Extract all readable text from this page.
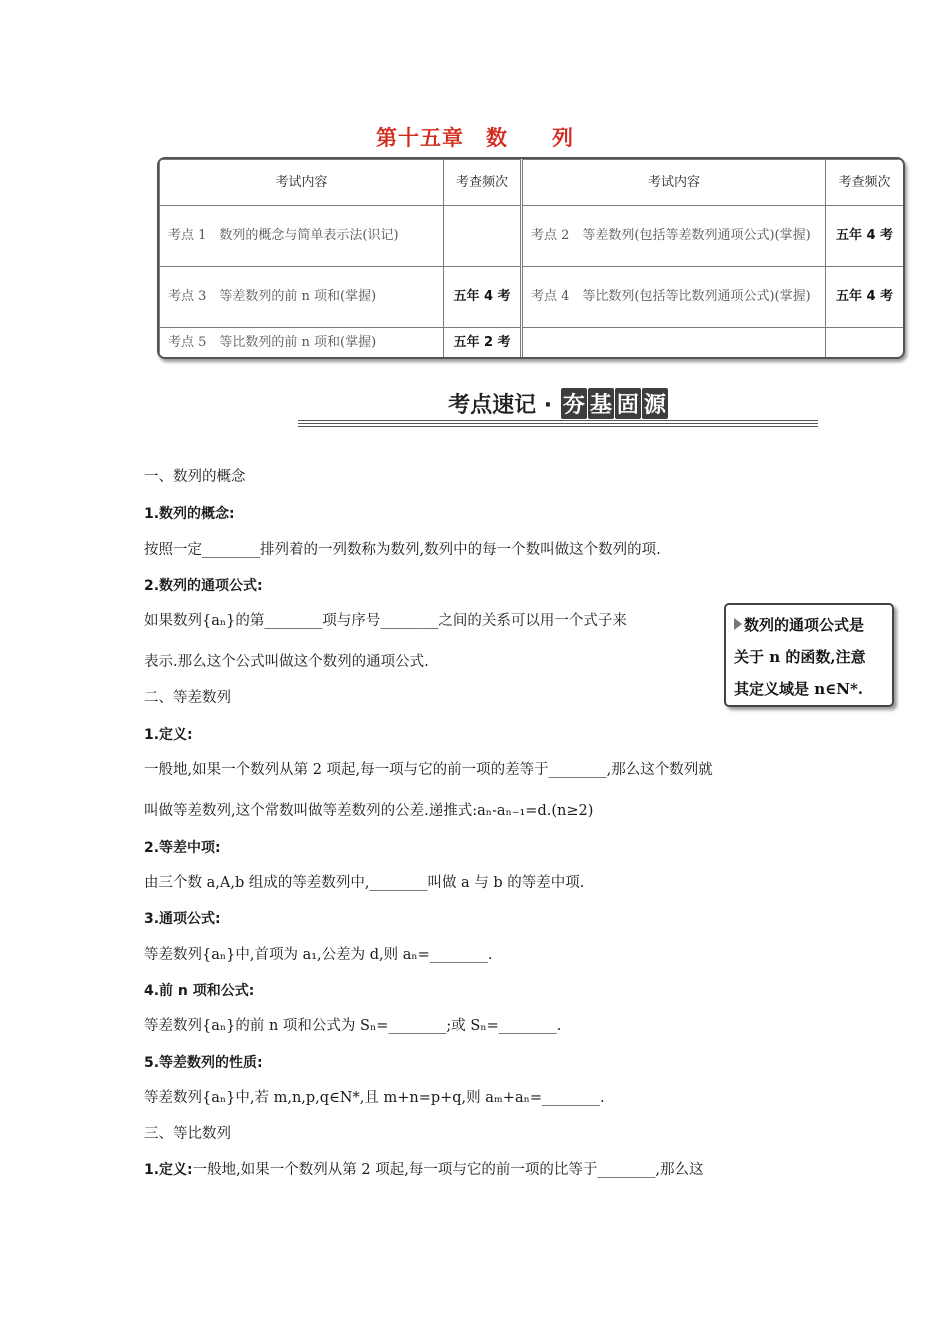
第十五章　数　　列
考试内容	考查频次	考试内容	考查频次
考点 1　数列的概念与简单表示法(识记)		考点 2　等差数列(包括等差数列通项公式)(掌握)	五年 4 考
考点 3　等差数列的前 n 项和(掌握)	五年 4 考	考点 4　等比数列(包括等比数列通项公式)(掌握)	五年 4 考
考点 5　等比数列的前 n 项和(掌握)	五年 2 考		
考点速记 · 夯 基 固 源
一、数列的概念
1.数列的概念:
按照一定________排列着的一列数称为数列,数列中的每一个数叫做这个数列的项.
2.数列的通项公式:
如果数列{aₙ}的第________项与序号________之间的关系可以用一个式子来
表示.那么这个公式叫做这个数列的通项公式.
数列的通项公式是
关于 n 的函数,注意
其定义域是 n∈N*.
二、等差数列
1.定义:
一般地,如果一个数列从第 2 项起,每一项与它的前一项的差等于________,那么这个数列就
叫做等差数列,这个常数叫做等差数列的公差.递推式:aₙ-aₙ₋₁=d.(n≥2)
2.等差中项:
由三个数 a,A,b 组成的等差数列中,________叫做 a 与 b 的等差中项.
3.通项公式:
等差数列{aₙ}中,首项为 a₁,公差为 d,则 aₙ=________.
4.前 n 项和公式:
等差数列{aₙ}的前 n 项和公式为 Sₙ=________;或 Sₙ=________.
5.等差数列的性质:
等差数列{aₙ}中,若 m,n,p,q∈N*,且 m+n=p+q,则 aₘ+aₙ=________.
三、等比数列
1.定义:一般地,如果一个数列从第 2 项起,每一项与它的前一项的比等于________,那么这
